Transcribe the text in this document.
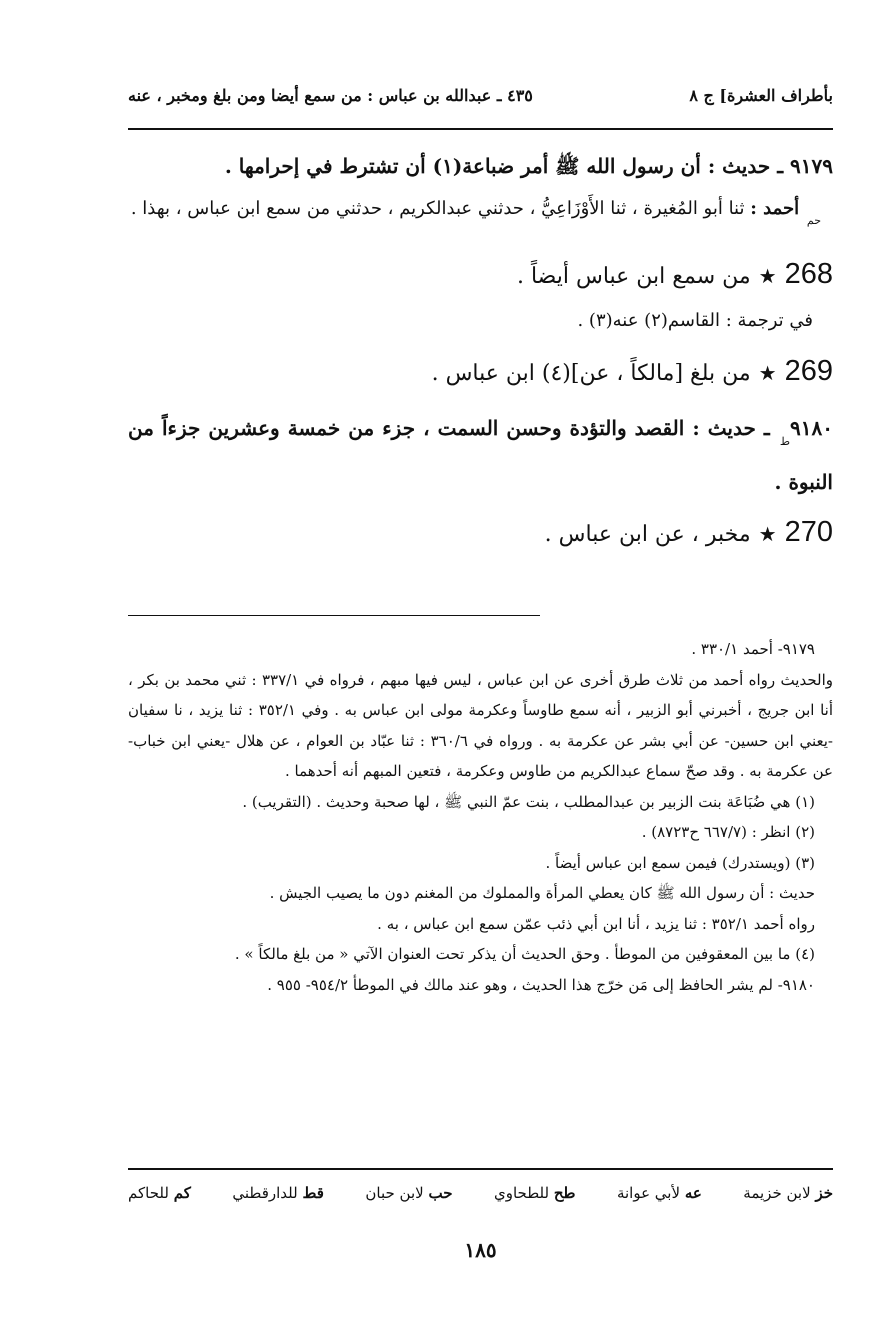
بأطراف العشرة] ج ٨
٤٣٥ ـ عبدالله بن عباس : من سمع أيضا ومن بلغ ومخبر ، عنه

٩١٧٩ ـ حديث : أن رسول الله ﷺ أمر ضباعة(١) أن تشترط في إحرامها .

$_{حم}$ أحمد : ثنا أبو المُغيرة ، ثنا الأَوْزَاعِيُّ ، حدثني عبدالكريم ، حدثني من سمع ابن عباس ، بهذا .

268★من سمع ابن عباس أيضاً .

في ترجمة : القاسم(٢) عنه(٣) .

269★من بلغ [مالكاً ، عن](٤) ابن عباس .

$٩١٨٠_ط$ ـ حديث : القصد والتؤدة وحسن السمت ، جزء من خمسة وعشرين جزءاً من النبوة .

270★مخبر ، عن ابن عباس .

٩١٧٩- أحمد ٣٣٠/١ .

والحديث رواه أحمد من ثلاث طرق أخرى عن ابن عباس ، ليس فيها مبهم ، فرواه في ٣٣٧/١ : ثني محمد بن بكر ، أنا ابن جريج ، أخبرني أبو الزبير ، أنه سمع طاوساً وعكرمة مولى ابن عباس به . وفي ٣٥٢/١ : ثنا يزيد ، نا سفيان -يعني ابن حسين- عن أبي بشر عن عكرمة به . ورواه في ٣٦٠/٦ : ثنا عبّاد بن العوام ، عن هلال -يعني ابن خباب- عن عكرمة به . وقد صحّ سماع عبدالكريم من طاوس وعكرمة ، فتعين المبهم أنه أحدهما .

(١) هي ضُبَاعَة بنت الزبير بن عبدالمطلب ، بنت عمّ النبي ﷺ ، لها صحبة وحديث . (التقريب) .

(٢) انظر : (٦٦٧/٧ ح٨٧٢٣) .

(٣) (ويستدرك) فيمن سمع ابن عباس أيضاً .

حديث : أن رسول الله ﷺ كان يعطي المرأة والمملوك من المغنم دون ما يصيب الجيش .

رواه أحمد ٣٥٢/١ : ثنا يزيد ، أنا ابن أبي ذئب عمّن سمع ابن عباس ، به .

(٤) ما بين المعقوفين من الموطأ . وحق الحديث أن يذكر تحت العنوان الآتي « من بلغ مالكاً » .

٩١٨٠- لم يشر الحافظ إلى مَن خرّج هذا الحديث ، وهو عند مالك في الموطأ ٩٥٤/٢- ٩٥٥ .

خز لابن خزيمة
عه لأبي عوانة
طح للطحاوي
حب لابن حبان
قط للدارقطني
كم للحاكم
١٨٥
